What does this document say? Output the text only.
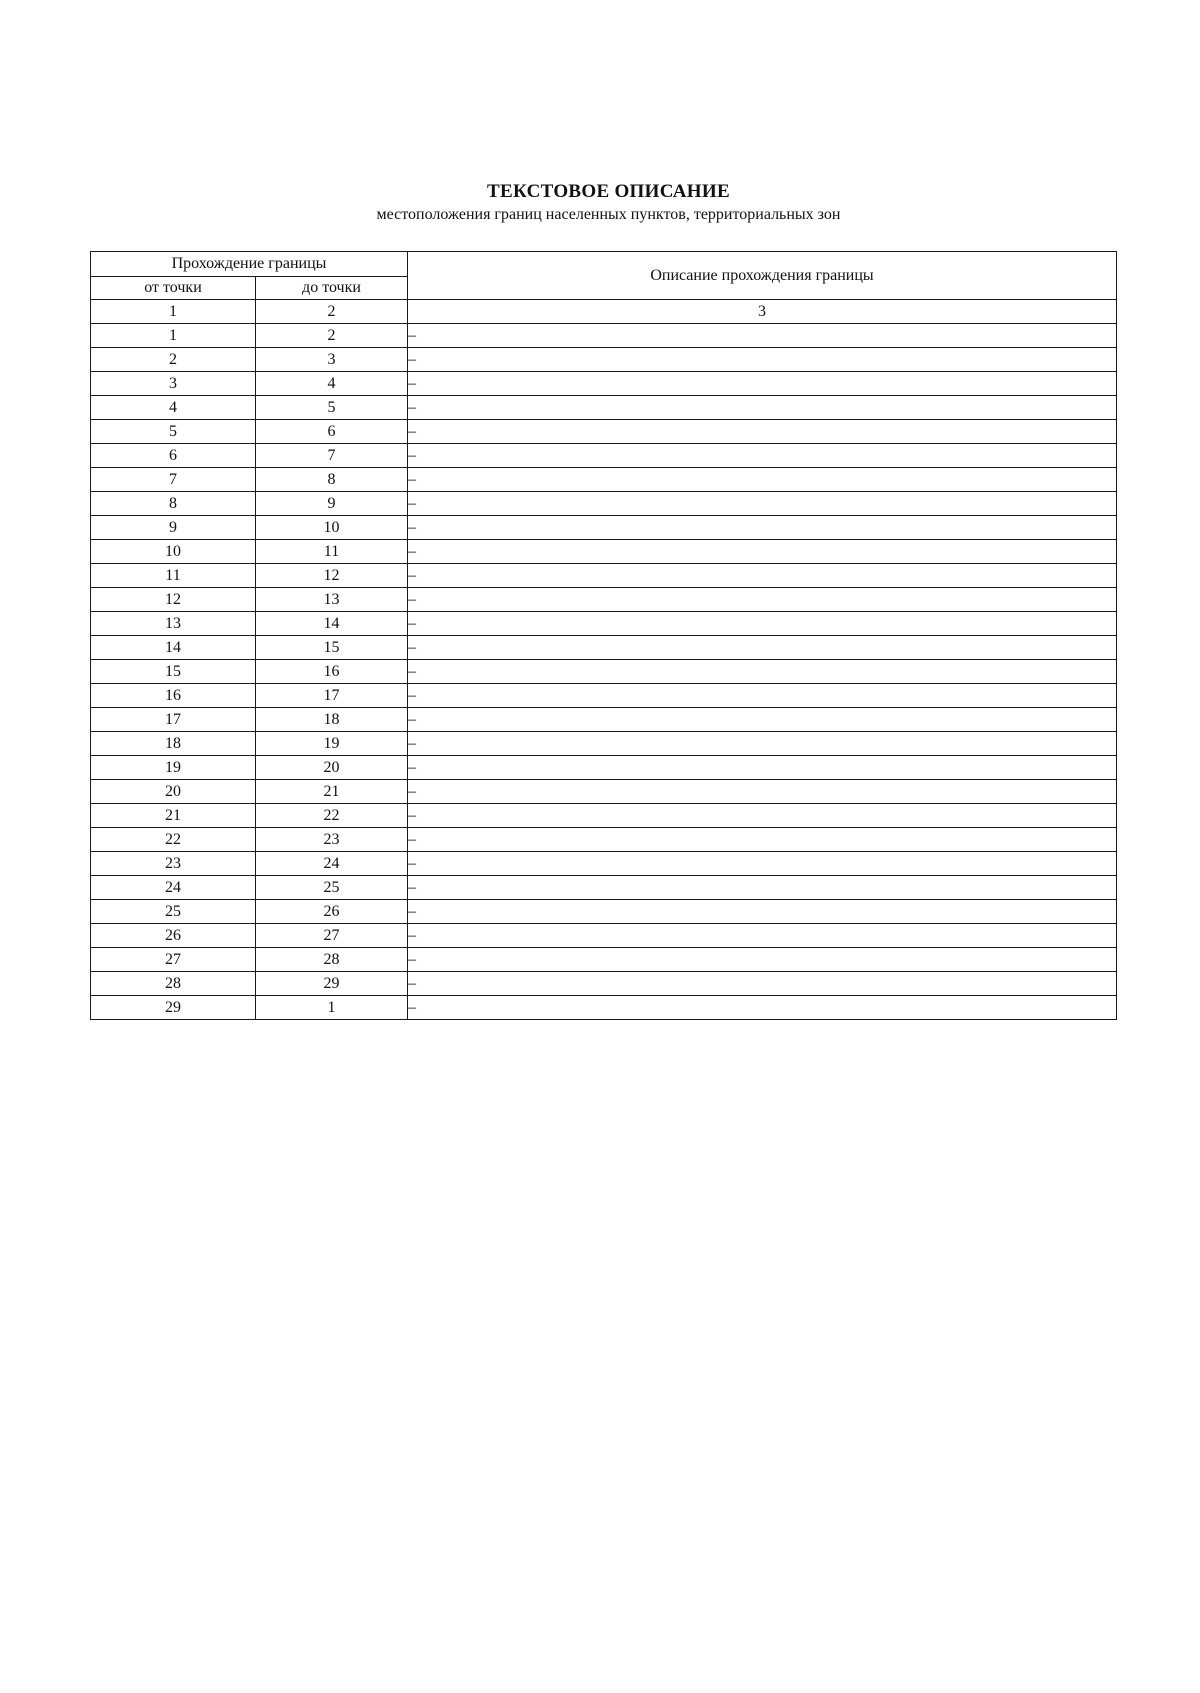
ТЕКСТОВОЕ ОПИСАНИЕ
местоположения границ населенных пунктов, территориальных зон
Прохождение границы		Описание прохождения границы
от точки	до точки	
1	2	3
1	2	–
2	3	–
3	4	–
4	5	–
5	6	–
6	7	–
7	8	–
8	9	–
9	10	–
10	11	–
11	12	–
12	13	–
13	14	–
14	15	–
15	16	–
16	17	–
17	18	–
18	19	–
19	20	–
20	21	–
21	22	–
22	23	–
23	24	–
24	25	–
25	26	–
26	27	–
27	28	–
28	29	–
29	1	–
